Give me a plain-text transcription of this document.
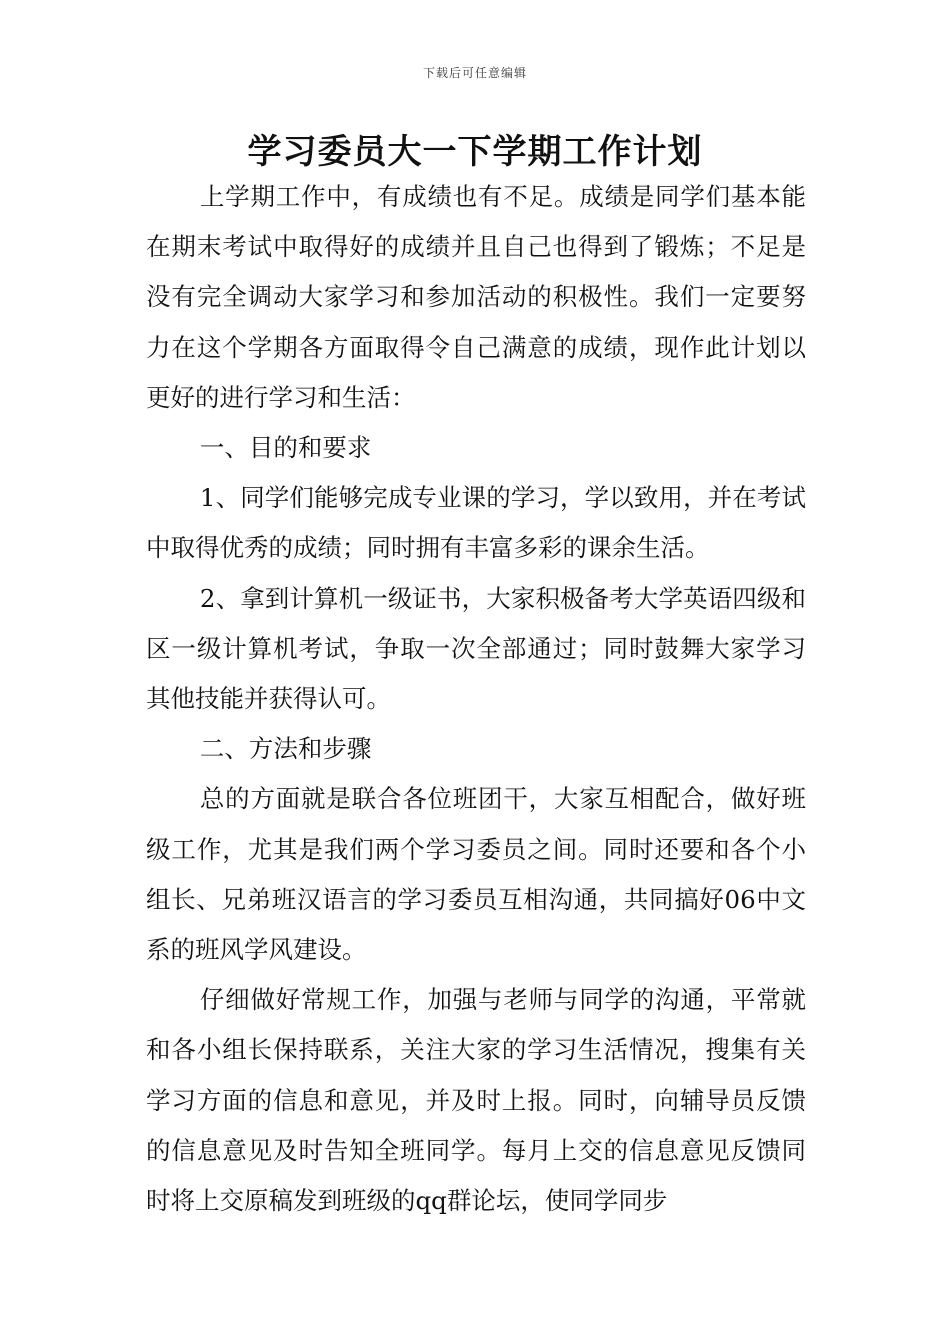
下载后可任意编辑
学习委员大一下学期工作计划

上学期工作中，有成绩也有不足。成绩是同学们基本能在期末考试中取得好的成绩并且自己也得到了锻炼；不足是没有完全调动大家学习和参加活动的积极性。我们一定要努力在这个学期各方面取得令自己满意的成绩，现作此计划以更好的进行学习和生活：

一、目的和要求

1、同学们能够完成专业课的学习，学以致用，并在考试中取得优秀的成绩；同时拥有丰富多彩的课余生活。

2、拿到计算机一级证书，大家积极备考大学英语四级和区一级计算机考试，争取一次全部通过；同时鼓舞大家学习其他技能并获得认可。

二、方法和步骤

总的方面就是联合各位班团干，大家互相配合，做好班级工作，尤其是我们两个学习委员之间。同时还要和各个小组长、兄弟班汉语言的学习委员互相沟通，共同搞好06中文系的班风学风建设。

仔细做好常规工作，加强与老师与同学的沟通，平常就和各小组长保持联系，关注大家的学习生活情况，搜集有关学习方面的信息和意见，并及时上报。同时，向辅导员反馈的信息意见及时告知全班同学。每月上交的信息意见反馈同时将上交原稿发到班级的qq群论坛，使同学同步
